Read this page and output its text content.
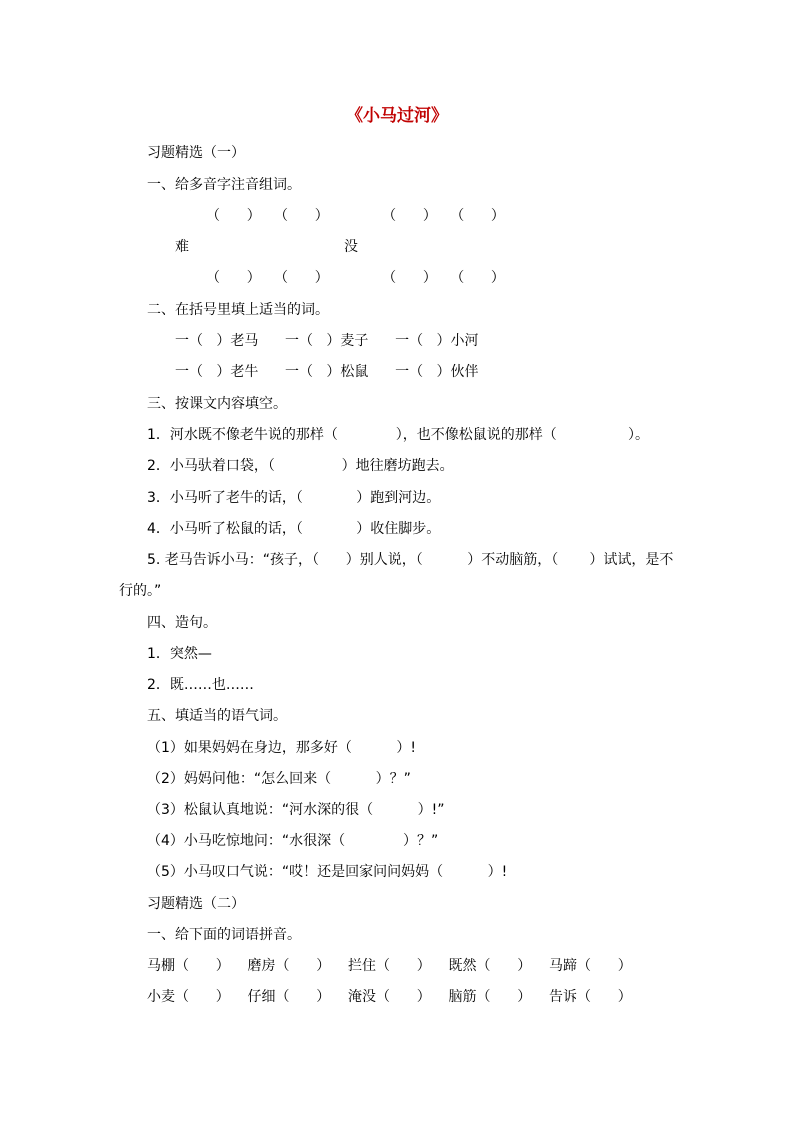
《小马过河》
习题精选（一）
一、给多音字注音组词。
（      ）   （      ）            （      ）   （      ）
难	没
（      ）   （      ）            （      ）   （      ）
二、在括号里填上适当的词。
一（   ）老马      一（   ）麦子      一（   ）小河
一（   ）老牛      一（   ）松鼠      一（   ）伙伴
三、按课文内容填空。
1．河水既不像老牛说的那样（             ），也不像松鼠说的那样（                ）。
2．小马驮着口袋，（               ）地往磨坊跑去。
3．小马听了老牛的话，（            ）跑到河边。
4．小马听了松鼠的话，（            ）收住脚步。
5. 老马告诉小马：“孩子，（      ）别人说，（          ）不动脑筋，（       ）试试，是不
行的。”
四、造句。
1．突然—
2．既……也……
五、填适当的语气词。
（1）如果妈妈在身边，那多好（          ）!
（2）妈妈问他：“怎么回来（          ）？”
（3）松鼠认真地说：“河水深的很（          ）!”
（4）小马吃惊地问：“水很深（             ）？”
（5）小马叹口气说：“哎！还是回家问问妈妈（          ）!
习题精选（二）
一、给下面的词语拼音。
马棚（      ）    磨房（      ）    拦住（      ）    既然（      ）    马蹄（      ）
小麦（      ）    仔细（      ）    淹没（      ）    脑筋（      ）    告诉（      ）
